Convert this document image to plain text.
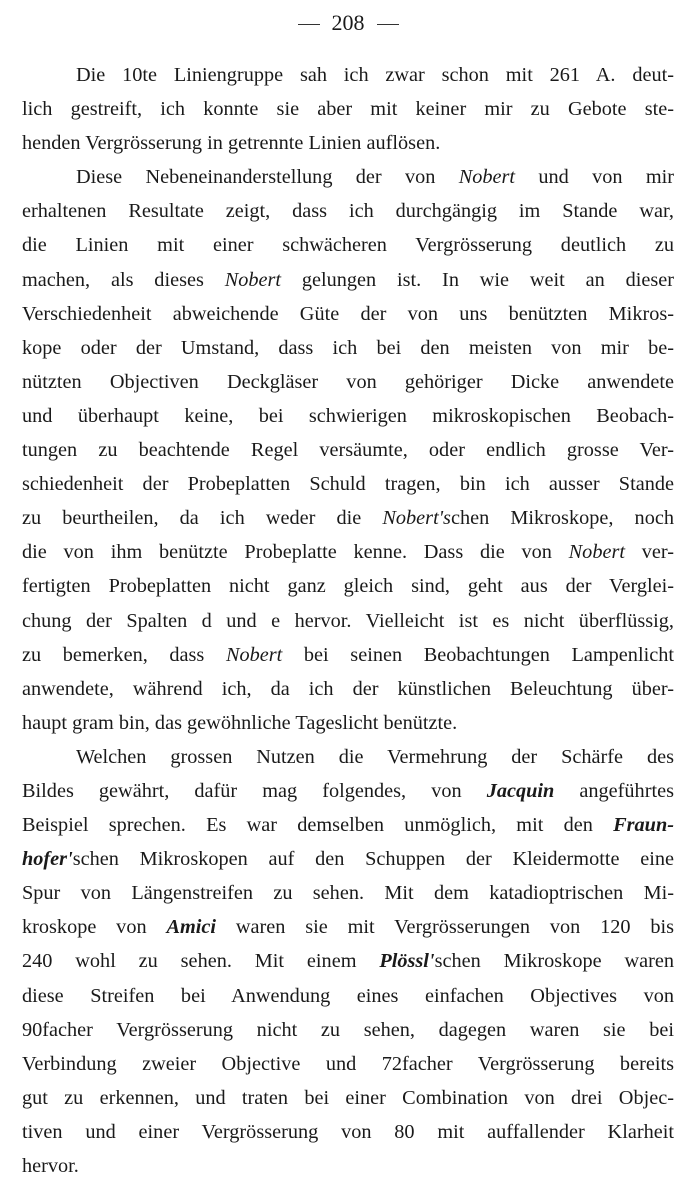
208
Die 10te Liniengruppe sah ich zwar schon mit 261 A. deut-
lich gestreift, ich konnte sie aber mit keiner mir zu Gebote ste-
henden Vergrösserung in getrennte Linien auflösen.
Diese Nebeneinanderstellung der von Nobert und von mir
erhaltenen Resultate zeigt, dass ich durchgängig im Stande war,
die Linien mit einer schwächeren Vergrösserung deutlich zu
machen, als dieses Nobert gelungen ist. In wie weit an dieser
Verschiedenheit abweichende Güte der von uns benützten Mikros-
kope oder der Umstand, dass ich bei den meisten von mir be-
nützten Objectiven Deckgläser von gehöriger Dicke anwendete
und überhaupt keine, bei schwierigen mikroskopischen Beobach-
tungen zu beachtende Regel versäumte, oder endlich grosse Ver-
schiedenheit der Probeplatten Schuld tragen, bin ich ausser Stande
zu beurtheilen, da ich weder die Nobert'schen Mikroskope, noch
die von ihm benützte Probeplatte kenne. Dass die von Nobert ver-
fertigten Probeplatten nicht ganz gleich sind, geht aus der Verglei-
chung der Spalten d und e hervor. Vielleicht ist es nicht überflüssig,
zu bemerken, dass Nobert bei seinen Beobachtungen Lampenlicht
anwendete, während ich, da ich der künstlichen Beleuchtung über-
haupt gram bin, das gewöhnliche Tageslicht benützte.
Welchen grossen Nutzen die Vermehrung der Schärfe des
Bildes gewährt, dafür mag folgendes, von Jacquin angeführtes
Beispiel sprechen. Es war demselben unmöglich, mit den Fraun-
hofer'schen Mikroskopen auf den Schuppen der Kleidermotte eine
Spur von Längenstreifen zu sehen. Mit dem katadioptrischen Mi-
kroskope von Amici waren sie mit Vergrösserungen von 120 bis
240 wohl zu sehen. Mit einem Plössl'schen Mikroskope waren
diese Streifen bei Anwendung eines einfachen Objectives von
90facher Vergrösserung nicht zu sehen, dagegen waren sie bei
Verbindung zweier Objective und 72facher Vergrösserung bereits
gut zu erkennen, und traten bei einer Combination von drei Objec-
tiven und einer Vergrösserung von 80 mit auffallender Klarheit
hervor.
